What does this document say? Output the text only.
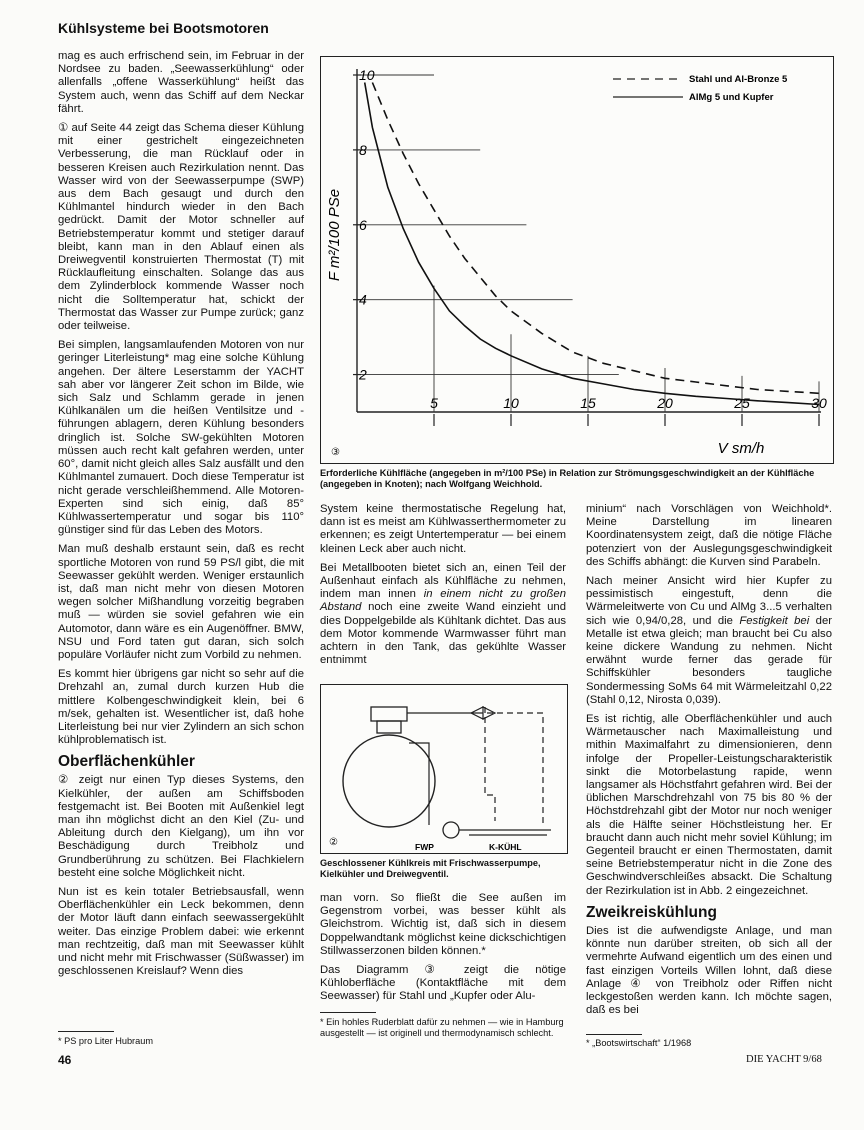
Kühlsysteme bei Bootsmotoren

mag es auch erfrischend sein, im Februar in der Nordsee zu baden. „Seewasserkühlung“ oder allenfalls „offene Wasserkühlung“ heißt das System auch, wenn das Schiff auf dem Neckar fährt.

① auf Seite 44 zeigt das Schema dieser Kühlung mit einer gestrichelt eingezeichneten Verbesserung, die man Rücklauf oder in besseren Kreisen auch Rezirkulation nennt. Das Wasser wird von der Seewasserpumpe (SWP) aus dem Bach gesaugt und durch den Kühlmantel hindurch wieder in den Bach gedrückt. Damit der Motor schneller auf Betriebstemperatur kommt und stetiger darauf bleibt, kann man in den Ablauf einen als Dreiwegventil konstruierten Thermostat (T) mit Rücklaufleitung einschalten. Solange das aus dem Zylinderblock kommende Wasser noch nicht die Solltemperatur hat, schickt der Thermostat das Wasser zur Pumpe zurück; ganz oder teilweise.

Bei simplen, langsamlaufenden Motoren von nur geringer Literleistung* mag eine solche Kühlung angehen. Der ältere Leserstamm der YACHT sah aber vor längerer Zeit schon im Bilde, wie sich Salz und Schlamm gerade in jenen Kühlkanälen um die heißen Ventilsitze und -führungen ablagern, deren Kühlung besonders dringlich ist. Solche SW-gekühlten Motoren müssen auch recht kalt gefahren werden, unter 60°, damit nicht gleich alles Salz ausfällt und den Kühlmantel zumauert. Doch diese Temperatur ist nicht gerade verschleißhemmend. Alle Motoren-Experten sind sich einig, daß 85° Kühlwassertemperatur und sogar bis 110° günstiger sind für das Leben des Motors.

Man muß deshalb erstaunt sein, daß es recht sportliche Motoren von rund 59 PS/l gibt, die mit Seewasser gekühlt werden. Weniger erstaunlich ist, daß man nicht mehr von diesen Motoren wegen solcher Mißhandlung vorzeitig begraben muß — würden sie soviel gefahren wie ein Automotor, dann wäre es ein Augenöffner. BMW, NSU und Ford taten gut daran, sich solch populäre Vorläufer nicht zum Vorbild zu nehmen.

Es kommt hier übrigens gar nicht so sehr auf die Drehzahl an, zumal durch kurzen Hub die mittlere Kolbengeschwindigkeit klein, bei 6 m/sek, gehalten ist. Wesentlicher ist, daß hohe Literleistung bei nur vier Zylindern an sich schon kühlproblematisch ist.

Oberflächenkühler

② zeigt nur einen Typ dieses Systems, den Kielkühler, der außen am Schiffsboden festgemacht ist. Bei Booten mit Außenkiel legt man ihn möglichst dicht an den Kiel (Zu- und Ableitung durch den Kielgang), um ihn vor Beschädigung durch Treibholz und Grundberührung zu schützen. Bei Flachkielern besteht eine solche Möglichkeit nicht.

Nun ist es kein totaler Betriebsausfall, wenn Oberflächenkühler ein Leck bekommen, denn der Motor läuft dann einfach seewassergekühlt weiter. Das einzige Problem dabei: wie erkennt man rechtzeitig, daß man mit Seewasser kühlt und nicht mehr mit Frischwasser (Süßwasser) im geschlossenen Kreislauf? Wenn dies

* PS pro Liter Hubraum
F m²/100 PSe
V sm/h
Stahl und Al-Bronze 5
AlMg 5 und Kupfer
2
4
6
8
10
5	10	15	20	25	30
③
Erforderliche Kühlfläche (angegeben in m²/100 PSe) in Relation zur Strömungsgeschwindigkeit an der Kühlfläche (angegeben in Knoten); nach Wolfgang Weichhold.

System keine thermostatische Regelung hat, dann ist es meist am Kühlwasserthermometer zu erkennen; es zeigt Untertemperatur — bei einem kleinen Leck aber auch nicht.

Bei Metallbooten bietet sich an, einen Teil der Außenhaut einfach als Kühlfläche zu nehmen, indem man innen in einem nicht zu großen Abstand noch eine zweite Wand einzieht und dies Doppelgebilde als Kühltank dichtet. Das aus dem Motor kommende Warmwasser führt man achtern in den Tank, das gekühlte Wasser entnimmt

FWP	K-KÜHL
②
Geschlossener Kühlkreis mit Frischwasserpumpe, Kielkühler und Dreiwegventil.

man vorn. So fließt die See außen im Gegenstrom vorbei, was besser kühlt als Gleichstrom. Wichtig ist, daß sich in diesem Doppelwandtank möglichst keine dickschichtigen Stillwasserzonen bilden können.*

Das Diagramm ③ zeigt die nötige Kühloberfläche (Kontaktfläche mit dem Seewasser) für Stahl und „Kupfer oder Alu-

* Ein hohles Ruderblatt dafür zu nehmen — wie in Hamburg ausgestellt — ist originell und thermodynamisch schlecht.

minium“ nach Vorschlägen von Weichhold*. Meine Darstellung im linearen Koordinatensystem zeigt, daß die nötige Fläche potenziert von der Auslegungsgeschwindigkeit des Schiffs abhängt: die Kurven sind Parabeln.

Nach meiner Ansicht wird hier Kupfer zu pessimistisch eingestuft, denn die Wärmeleitwerte von Cu und AlMg 3...5 verhalten sich wie 0,94/0,28, und die Festigkeit bei der Metalle ist etwa gleich; man braucht bei Cu also keine dickere Wandung zu nehmen. Nicht erwähnt wurde ferner das gerade für Schiffskühler besonders taugliche Sondermessing SoMs 64 mit Wärmeleitzahl 0,22 (Stahl 0,12, Nirosta 0,039).

Es ist richtig, alle Oberflächenkühler und auch Wärmetauscher nach Maximalleistung und mithin Maximalfahrt zu dimensionieren, denn infolge der Propeller-Leistungscharakteristik sinkt die Motorbelastung rapide, wenn langsamer als Höchstfahrt gefahren wird. Bei der üblichen Marschdrehzahl von 75 bis 80 % der Höchstdrehzahl gibt der Motor nur noch weniger als die Hälfte seiner Höchstleistung her. Er braucht dann auch nicht mehr soviel Kühlung; im Gegenteil braucht er einen Thermostaten, damit seine Betriebstemperatur nicht in die Zone des Geschwindverschleißes absackt. Die Schaltung der Rezirkulation ist in Abb. 2 eingezeichnet.

Zweikreiskühlung

Dies ist die aufwendigste Anlage, und man könnte nun darüber streiten, ob sich all der vermehrte Aufwand eigentlich um des einen und fast einzigen Vorteils Willen lohnt, daß diese Anlage ④ von Treibholz oder Riffen nicht leckgestoßen werden kann. Ich möchte sagen, daß es bei

* „Bootswirtschaft“ 1/1968
46	DIE YACHT 9/68
